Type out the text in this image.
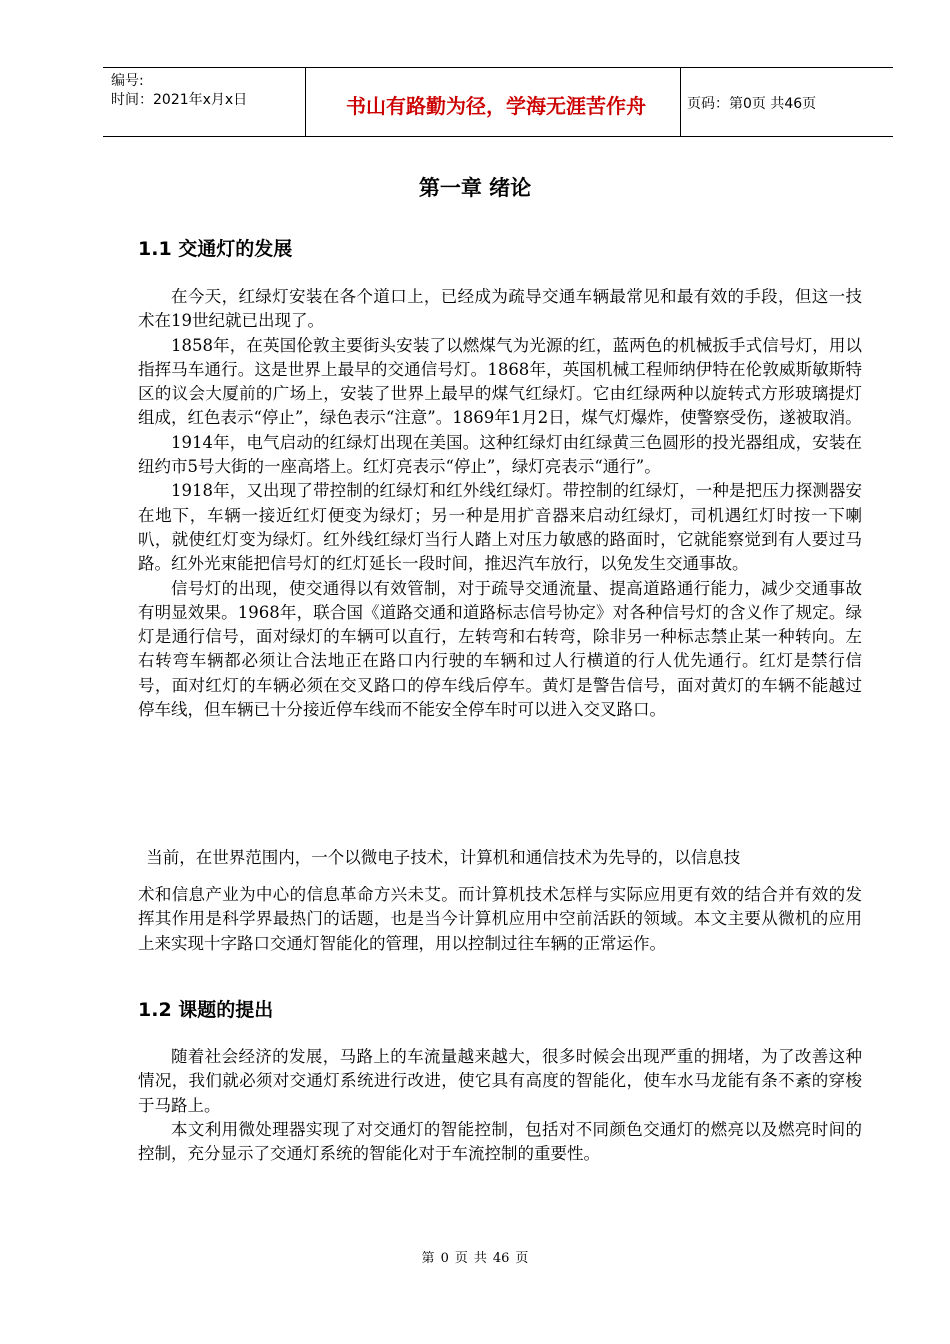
编号:
时间：2021年x月x日	书山有路勤为径，学海无涯苦作舟	页码：第0页 共46页
第一章 绪论
1.1 交通灯的发展

在今天，红绿灯安装在各个道口上，已经成为疏导交通车辆最常见和最有效的手段，但这一技术在19世纪就已出现了。

1858年，在英国伦敦主要街头安装了以燃煤气为光源的红，蓝两色的机械扳手式信号灯，用以指挥马车通行。这是世界上最早的交通信号灯。1868年，英国机械工程师纳伊特在伦敦威斯敏斯特区的议会大厦前的广场上，安装了世界上最早的煤气红绿灯。它由红绿两种以旋转式方形玻璃提灯组成，红色表示“停止”，绿色表示“注意”。1869年1月2日，煤气灯爆炸，使警察受伤，遂被取消。

1914年，电气启动的红绿灯出现在美国。这种红绿灯由红绿黄三色圆形的投光器组成，安装在纽约市5号大街的一座高塔上。红灯亮表示“停止”，绿灯亮表示“通行”。

1918年，又出现了带控制的红绿灯和红外线红绿灯。带控制的红绿灯，一种是把压力探测器安在地下，车辆一接近红灯便变为绿灯；另一种是用扩音器来启动红绿灯，司机遇红灯时按一下喇叭，就使红灯变为绿灯。红外线红绿灯当行人踏上对压力敏感的路面时，它就能察觉到有人要过马路。红外光束能把信号灯的红灯延长一段时间，推迟汽车放行，以免发生交通事故。

信号灯的出现，使交通得以有效管制，对于疏导交通流量、提高道路通行能力，减少交通事故有明显效果。1968年，联合国《道路交通和道路标志信号协定》对各种信号灯的含义作了规定。绿灯是通行信号，面对绿灯的车辆可以直行，左转弯和右转弯，除非另一种标志禁止某一种转向。左右转弯车辆都必须让合法地正在路口内行驶的车辆和过人行横道的行人优先通行。红灯是禁行信号，面对红灯的车辆必须在交叉路口的停车线后停车。黄灯是警告信号，面对黄灯的车辆不能越过停车线，但车辆已十分接近停车线而不能安全停车时可以进入交叉路口。

当前，在世界范围内，一个以微电子技术，计算机和通信技术为先导的，以信息技

术和信息产业为中心的信息革命方兴未艾。而计算机技术怎样与实际应用更有效的结合并有效的发挥其作用是科学界最热门的话题，也是当今计算机应用中空前活跃的领域。本文主要从微机的应用上来实现十字路口交通灯智能化的管理，用以控制过往车辆的正常运作。

1.2 课题的提出

随着社会经济的发展，马路上的车流量越来越大，很多时候会出现严重的拥堵，为了改善这种情况，我们就必须对交通灯系统进行改进，使它具有高度的智能化，使车水马龙能有条不紊的穿梭于马路上。

本文利用微处理器实现了对交通灯的智能控制，包括对不同颜色交通灯的燃亮以及燃亮时间的控制，充分显示了交通灯系统的智能化对于车流控制的重要性。

第 0 页 共 46 页
